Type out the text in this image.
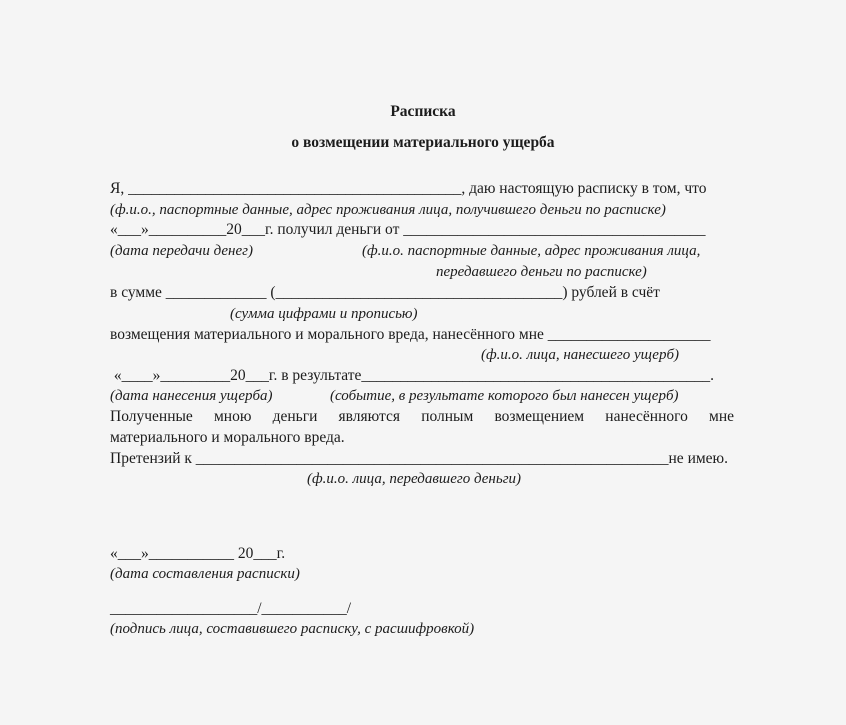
Расписка
о возмещении материального ущерба
Я, ___________________________________________, даю настоящую расписку в том, что
(ф.и.о., паспортные данные, адрес проживания лица, получившего деньги по расписке)
«___»__________20___г. получил деньги от _______________________________________
(дата передачи денег)	(ф.и.о. паспортные данные, адрес проживания лица,
передавшего деньги по расписке)
в сумме _____________ (_____________________________________) рублей в счёт
(сумма цифрами и прописью)
возмещения материального и морального вреда, нанесённого мне _____________________
(ф.и.о. лица, нанесшего ущерб)
«____»_________20___г. в результате_____________________________________________.
(дата нанесения ущерба)	(событие, в результате которого был нанесен ущерб)
Полученные мною деньги являются полным возмещением нанесённого мне
материального и морального вреда.
Претензий к _____________________________________________________________не имею.
(ф.и.о. лица, передавшего деньги)
«___»___________ 20___г.
(дата составления расписки)
___________________/___________/
(подпись лица, составившего расписку, с расшифровкой)
